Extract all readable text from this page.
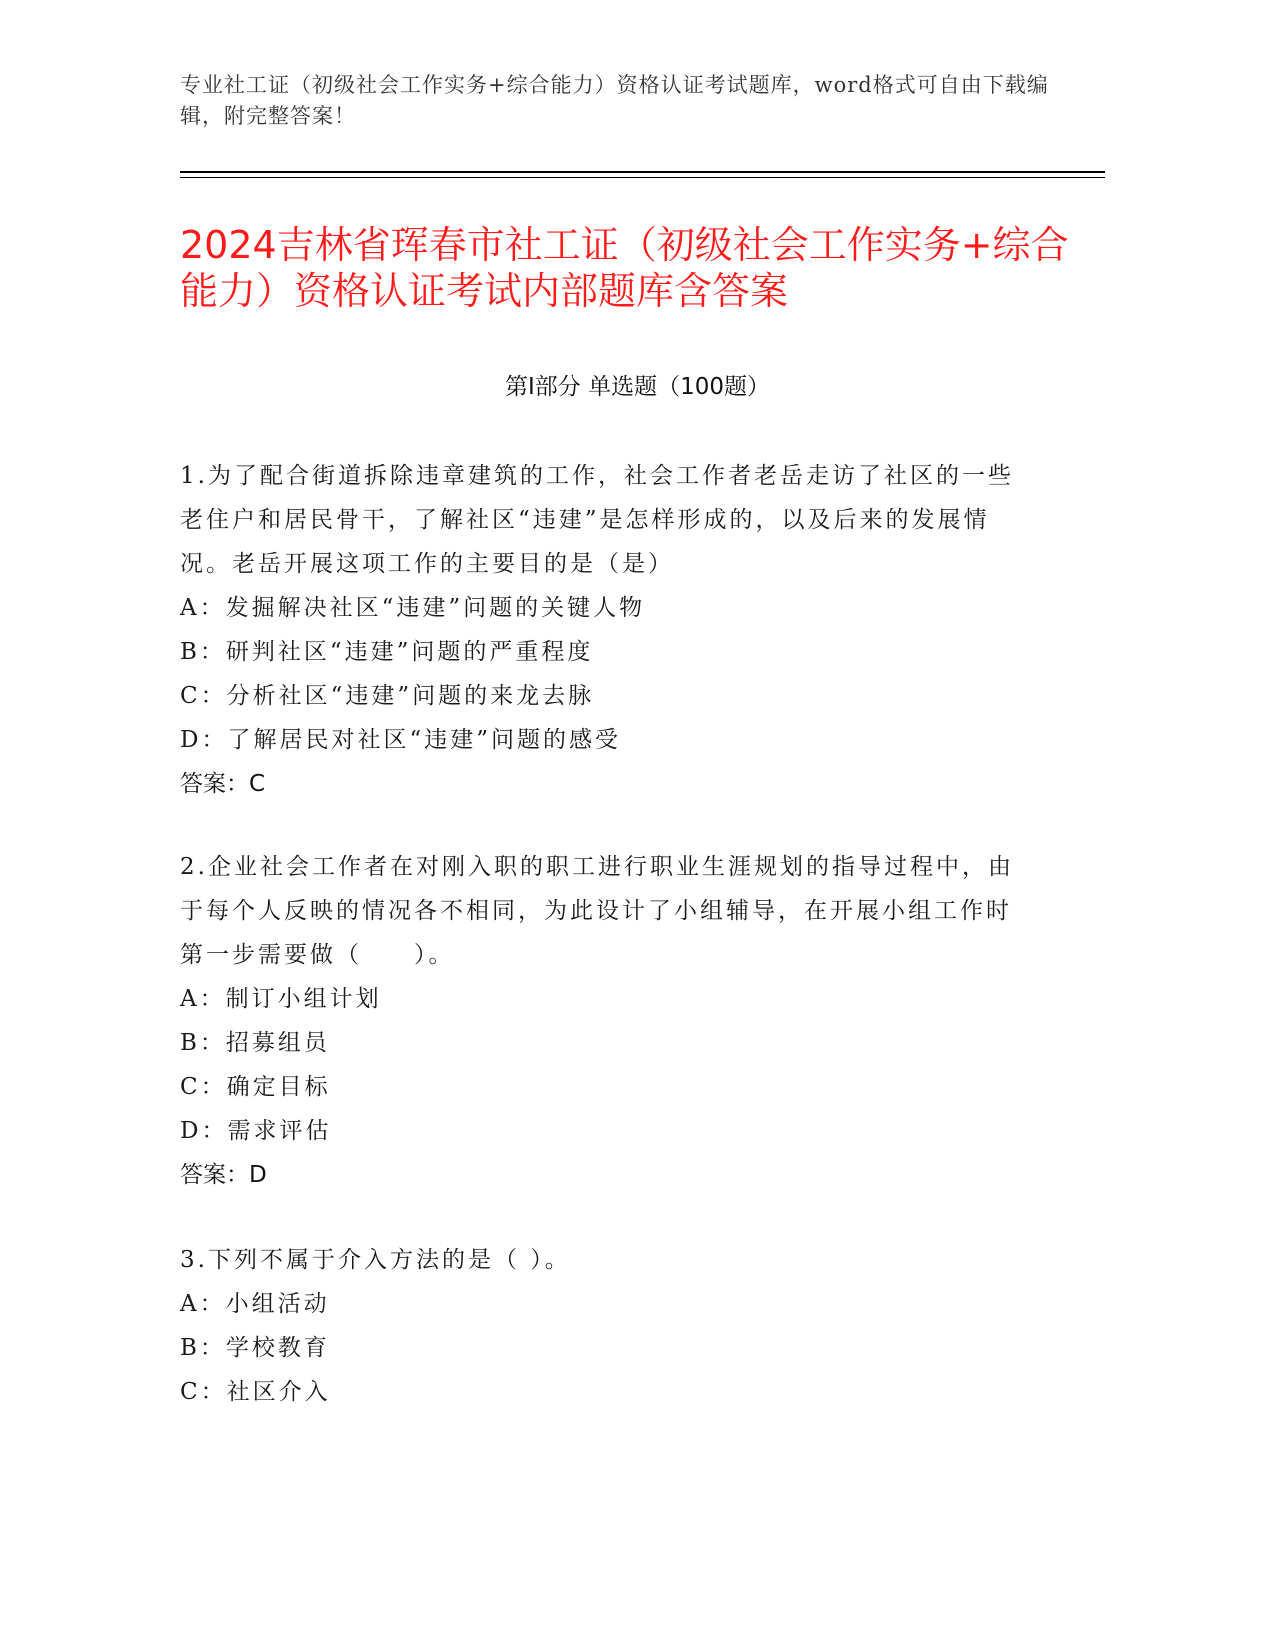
专业社工证（初级社会工作实务+综合能力）资格认证考试题库，word格式可自由下载编辑，附完整答案！
2024吉林省珲春市社工证（初级社会工作实务+综合能力）资格认证考试内部题库含答案
第Ⅰ部分 单选题（100题）
1.为了配合街道拆除违章建筑的工作，社会工作者老岳走访了社区的一些老住户和居民骨干，了解社区“违建”是怎样形成的，以及后来的发展情况。老岳开展这项工作的主要目的是（是）
A：发掘解决社区“违建”问题的关键人物
B：研判社区“违建”问题的严重程度
C：分析社区“违建”问题的来龙去脉
D：了解居民对社区“违建”问题的感受
答案：C
2.企业社会工作者在对刚入职的职工进行职业生涯规划的指导过程中，由于每个人反映的情况各不相同，为此设计了小组辅导，在开展小组工作时第一步需要做（　　）。
A：制订小组计划
B：招募组员
C：确定目标
D：需求评估
答案：D
3.下列不属于介入方法的是（ ）。
A：小组活动
B：学校教育
C：社区介入
